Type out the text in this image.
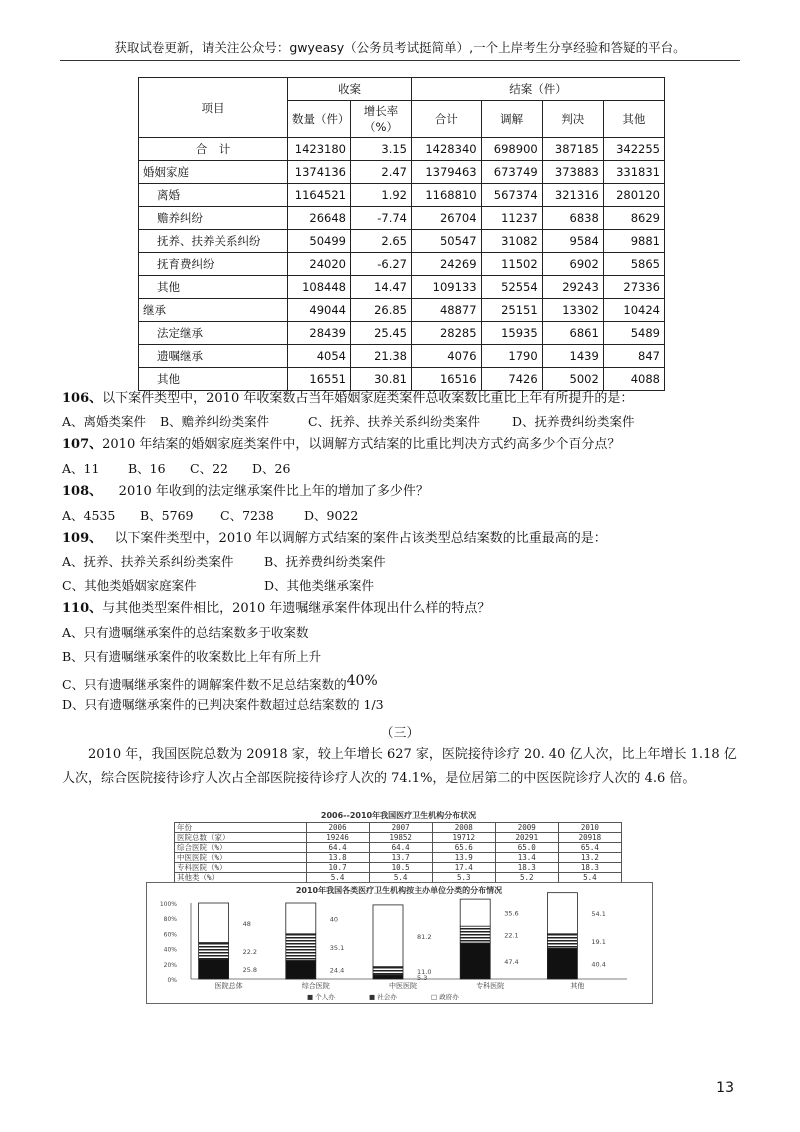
获取试卷更新，请关注公众号：gwyeasy（公务员考试挺简单）,一个上岸考生分享经验和答疑的平台。
项目	收案		结案（件）			
	数量（件）	增长率（%）	合计	调解	判决	其他
合　计	1423180	3.15	1428340	698900	387185	342255
婚姻家庭	1374136	2.47	1379463	673749	373883	331831
离婚	1164521	1.92	1168810	567374	321316	280120
赡养纠纷	26648	-7.74	26704	11237	6838	8629
抚养、扶养关系纠纷	50499	2.65	50547	31082	9584	9881
抚育费纠纷	24020	-6.27	24269	11502	6902	5865
其他	108448	14.47	109133	52554	29243	27336
继承	49044	26.85	48877	25151	13302	10424
法定继承	28439	25.45	28285	15935	6861	5489
遗嘱继承	4054	21.38	4076	1790	1439	847
其他	16551	30.81	16516	7426	5002	4088
106、以下案件类型中，2010 年收案数占当年婚姻家庭类案件总收案数比重比上年有所提升的是：
A、离婚类案件 B、赡养纠纷类案件	C、抚养、扶养关系纠纷类案件	D、抚养费纠纷类案件
107、2010 年结案的婚姻家庭类案件中，以调解方式结案的比重比判决方式约高多少个百分点？
A、11 B、16 C、22 D、26
108、 2010 年收到的法定继承案件比上年的增加了多少件？
A、4535 B、5769 C、7238 D、9022
109、 以下案件类型中，2010 年以调解方式结案的案件占该类型总结案数的比重最高的是：
A、抚养、扶养关系纠纷类案件 B、抚养费纠纷类案件
C、其他类婚姻家庭案件	D、其他类继承案件
110、与其他类型案件相比，2010 年遗嘱继承案件体现出什么样的特点？
A、只有遗嘱继承案件的总结案数多于收案数
B、只有遗嘱继承案件的收案数比上年有所上升
C、只有遗嘱继承案件的调解案件数不足总结案数的40%
D、只有遗嘱继承案件的已判决案件数超过总结案数的 1/3
（三）
2010 年，我国医院总数为 20918 家，较上年增长 627 家，医院接待诊疗 20. 40 亿人次，比上年增长 1.18 亿人次，综合医院接待诊疗人次占全部医院接待诊疗人次的 74.1%，是位居第二的中医医院诊疗人次的 4.6 倍。
2006--2010年我国医疗卫生机构分布状况
年份	2006	2007	2008	2009	2010
医院总数（家）	19246	19852	19712	20291	20918
综合医院（%）	64.4	64.4	65.6	65.0	65.4
中医医院（%）	13.8	13.7	13.9	13.4	13.2
专科医院（%）	10.7	10.5	17.4	18.3	18.3
其他类（%）	5.4	5.4	5.3	5.2	5.4
2010年我国各类医疗卫生机构按主办单位分类的分布情况
100%
80%
60%
40%
20%
0%
25.8
22.2
48
医院总体
24.4
35.1
40
综合医院
5.3
11.0
81.2
中医医院
47.4
22.1
35.6
专科医院
40.4
19.1
54.1
其他
■ 个人办	■ 社会办	□ 政府办
13
